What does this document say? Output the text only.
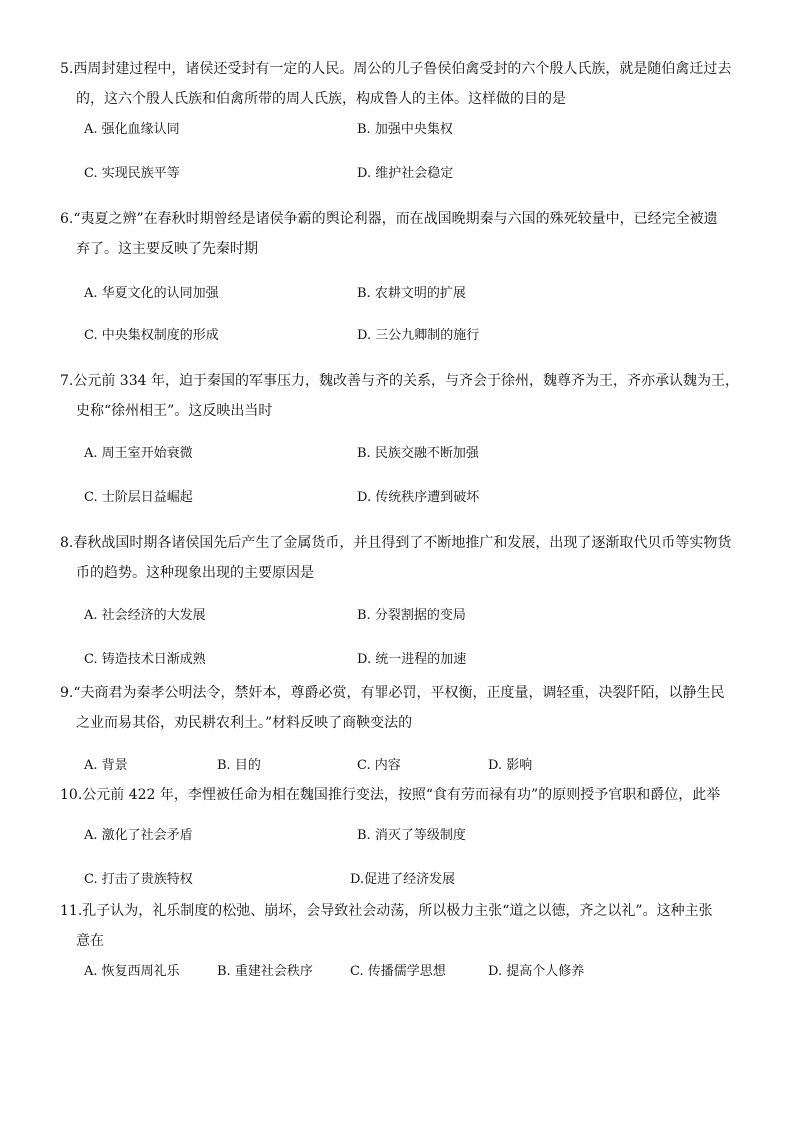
5.西周封建过程中，诸侯还受封有一定的人民。周公的儿子鲁侯伯禽受封的六个殷人氏族，就是随伯禽迁过去

的，这六个殷人氏族和伯禽所带的周人氏族，构成鲁人的主体。这样做的目的是

A. 强化血缘认同	B. 加强中央集权
C. 实现民族平等	D. 维护社会稳定

6.“夷夏之辨”在春秋时期曾经是诸侯争霸的舆论利器，而在战国晚期秦与六国的殊死较量中，已经完全被遗

弃了。这主要反映了先秦时期

A. 华夏文化的认同加强	B. 农耕文明的扩展
C. 中央集权制度的形成	D. 三公九卿制的施行

7.公元前 334 年，迫于秦国的军事压力，魏改善与齐的关系，与齐会于徐州，魏尊齐为王，齐亦承认魏为王，

史称“徐州相王”。这反映出当时

A. 周王室开始衰微	B. 民族交融不断加强
C. 士阶层日益崛起	D. 传统秩序遭到破坏

8.春秋战国时期各诸侯国先后产生了金属货币，并且得到了不断地推广和发展，出现了逐渐取代贝币等实物货

币的趋势。这种现象出现的主要原因是

A. 社会经济的大发展	B. 分裂割据的变局
C. 铸造技术日渐成熟	D. 统一进程的加速

9.“夫商君为秦孝公明法令，禁奸本，尊爵必赏，有罪必罚，平权衡，正度量，调轻重，决裂阡陌，以静生民

之业而易其俗，劝民耕农利土。”材料反映了商鞅变法的

A. 背景	B. 目的	C. 内容	D. 影响

10.公元前 422 年，李悝被任命为相在魏国推行变法，按照“食有劳而禄有功”的原则授予官职和爵位，此举

A. 激化了社会矛盾	B. 消灭了等级制度
C. 打击了贵族特权	D.促进了经济发展

11.孔子认为，礼乐制度的松弛、崩坏，会导致社会动荡，所以极力主张“道之以德，齐之以礼”。这种主张

意在

A. 恢复西周礼乐	B. 重建社会秩序	C. 传播儒学思想	D. 提高个人修养
